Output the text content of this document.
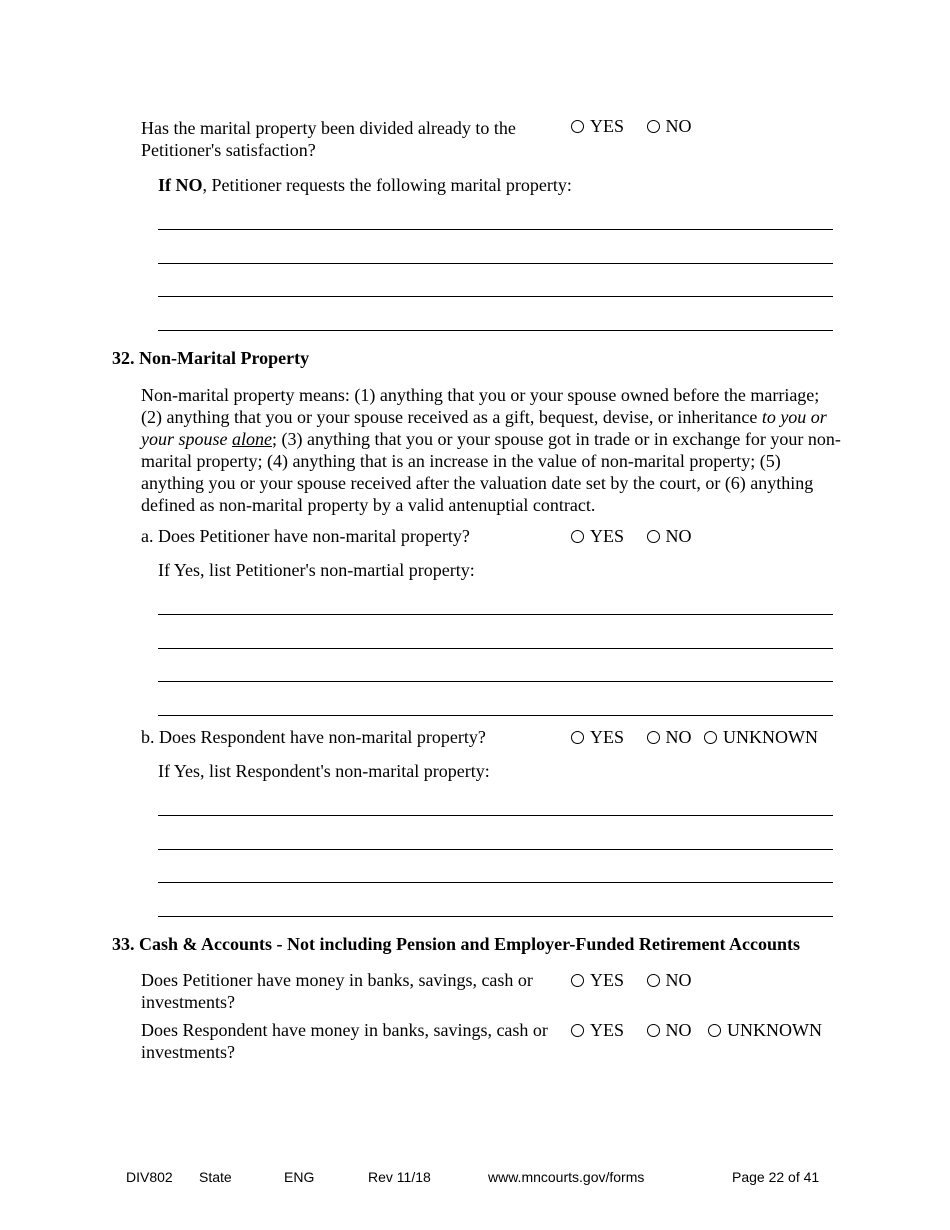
Has the marital property been divided already to the Petitioner's satisfaction?
YES NO
If NO, Petitioner requests the following marital property:
32. Non-Marital Property
Non-marital property means: (1) anything that you or your spouse owned before the marriage; (2) anything that you or your spouse received as a gift, bequest, devise, or inheritance to you or your spouse alone; (3) anything that you or your spouse got in trade or in exchange for your non-marital property; (4) anything that is an increase in the value of non-marital property; (5) anything you or your spouse received after the valuation date set by the court, or (6) anything defined as non-marital property by a valid antenuptial contract.
a. Does Petitioner have non-marital property?	YES NO
If Yes, list Petitioner's non-martial property:
b. Does Respondent have non-marital property?	YES NO UNKNOWN
If Yes, list Respondent's non-marital property:
33. Cash & Accounts - Not including Pension and Employer-Funded Retirement Accounts
Does Petitioner have money in banks, savings, cash or investments?
YES NO
Does Respondent have money in banks, savings, cash or investments?
YES NO UNKNOWN
DIV802 State	ENG	Rev 11/18	www.mncourts.gov/forms	Page 22 of 41
